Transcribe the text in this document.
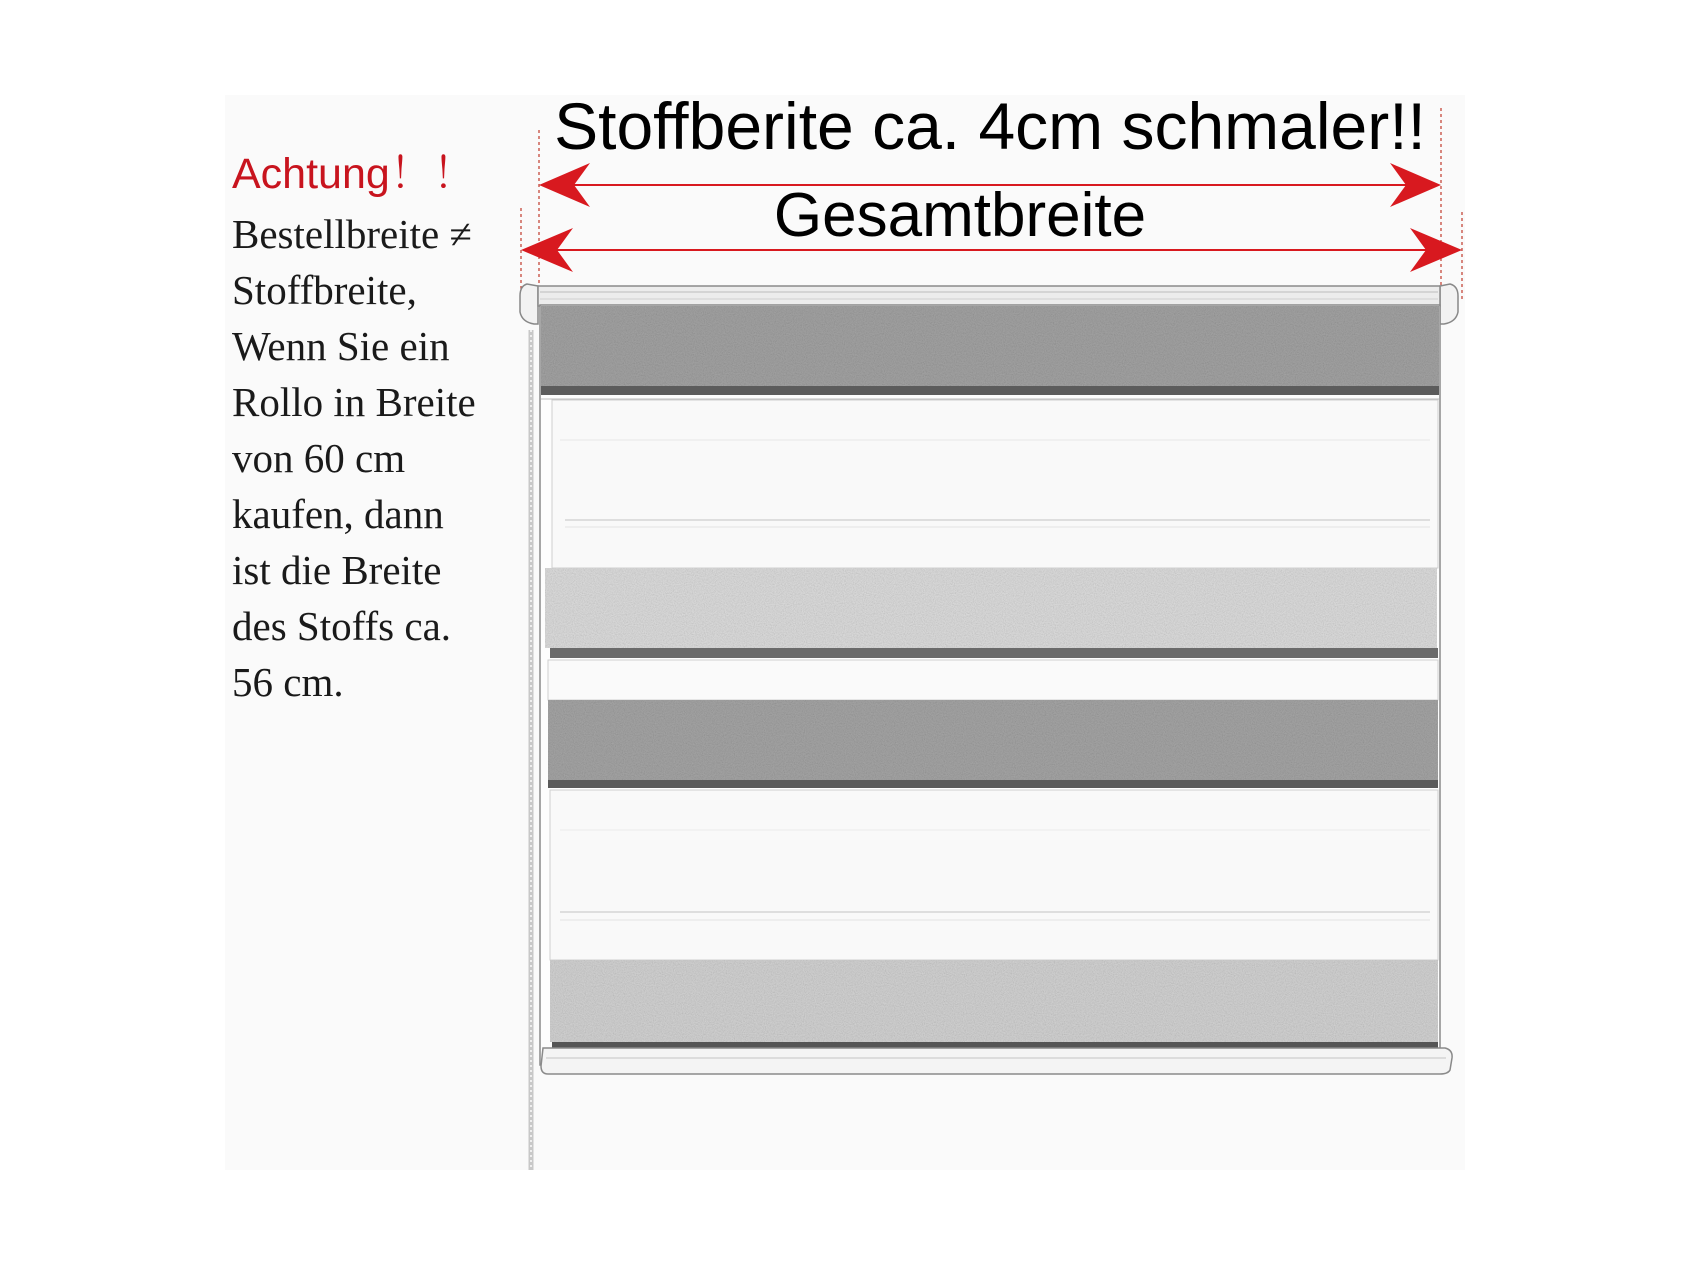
Stoffberite ca. 4cm schmaler!!
Gesamtbreite
Achtung！！
Bestellbreite ≠
Stoffbreite,
Wenn Sie ein
Rollo in Breite
von 60 cm
kaufen, dann
ist die Breite
des Stoffs ca.
56 cm.
